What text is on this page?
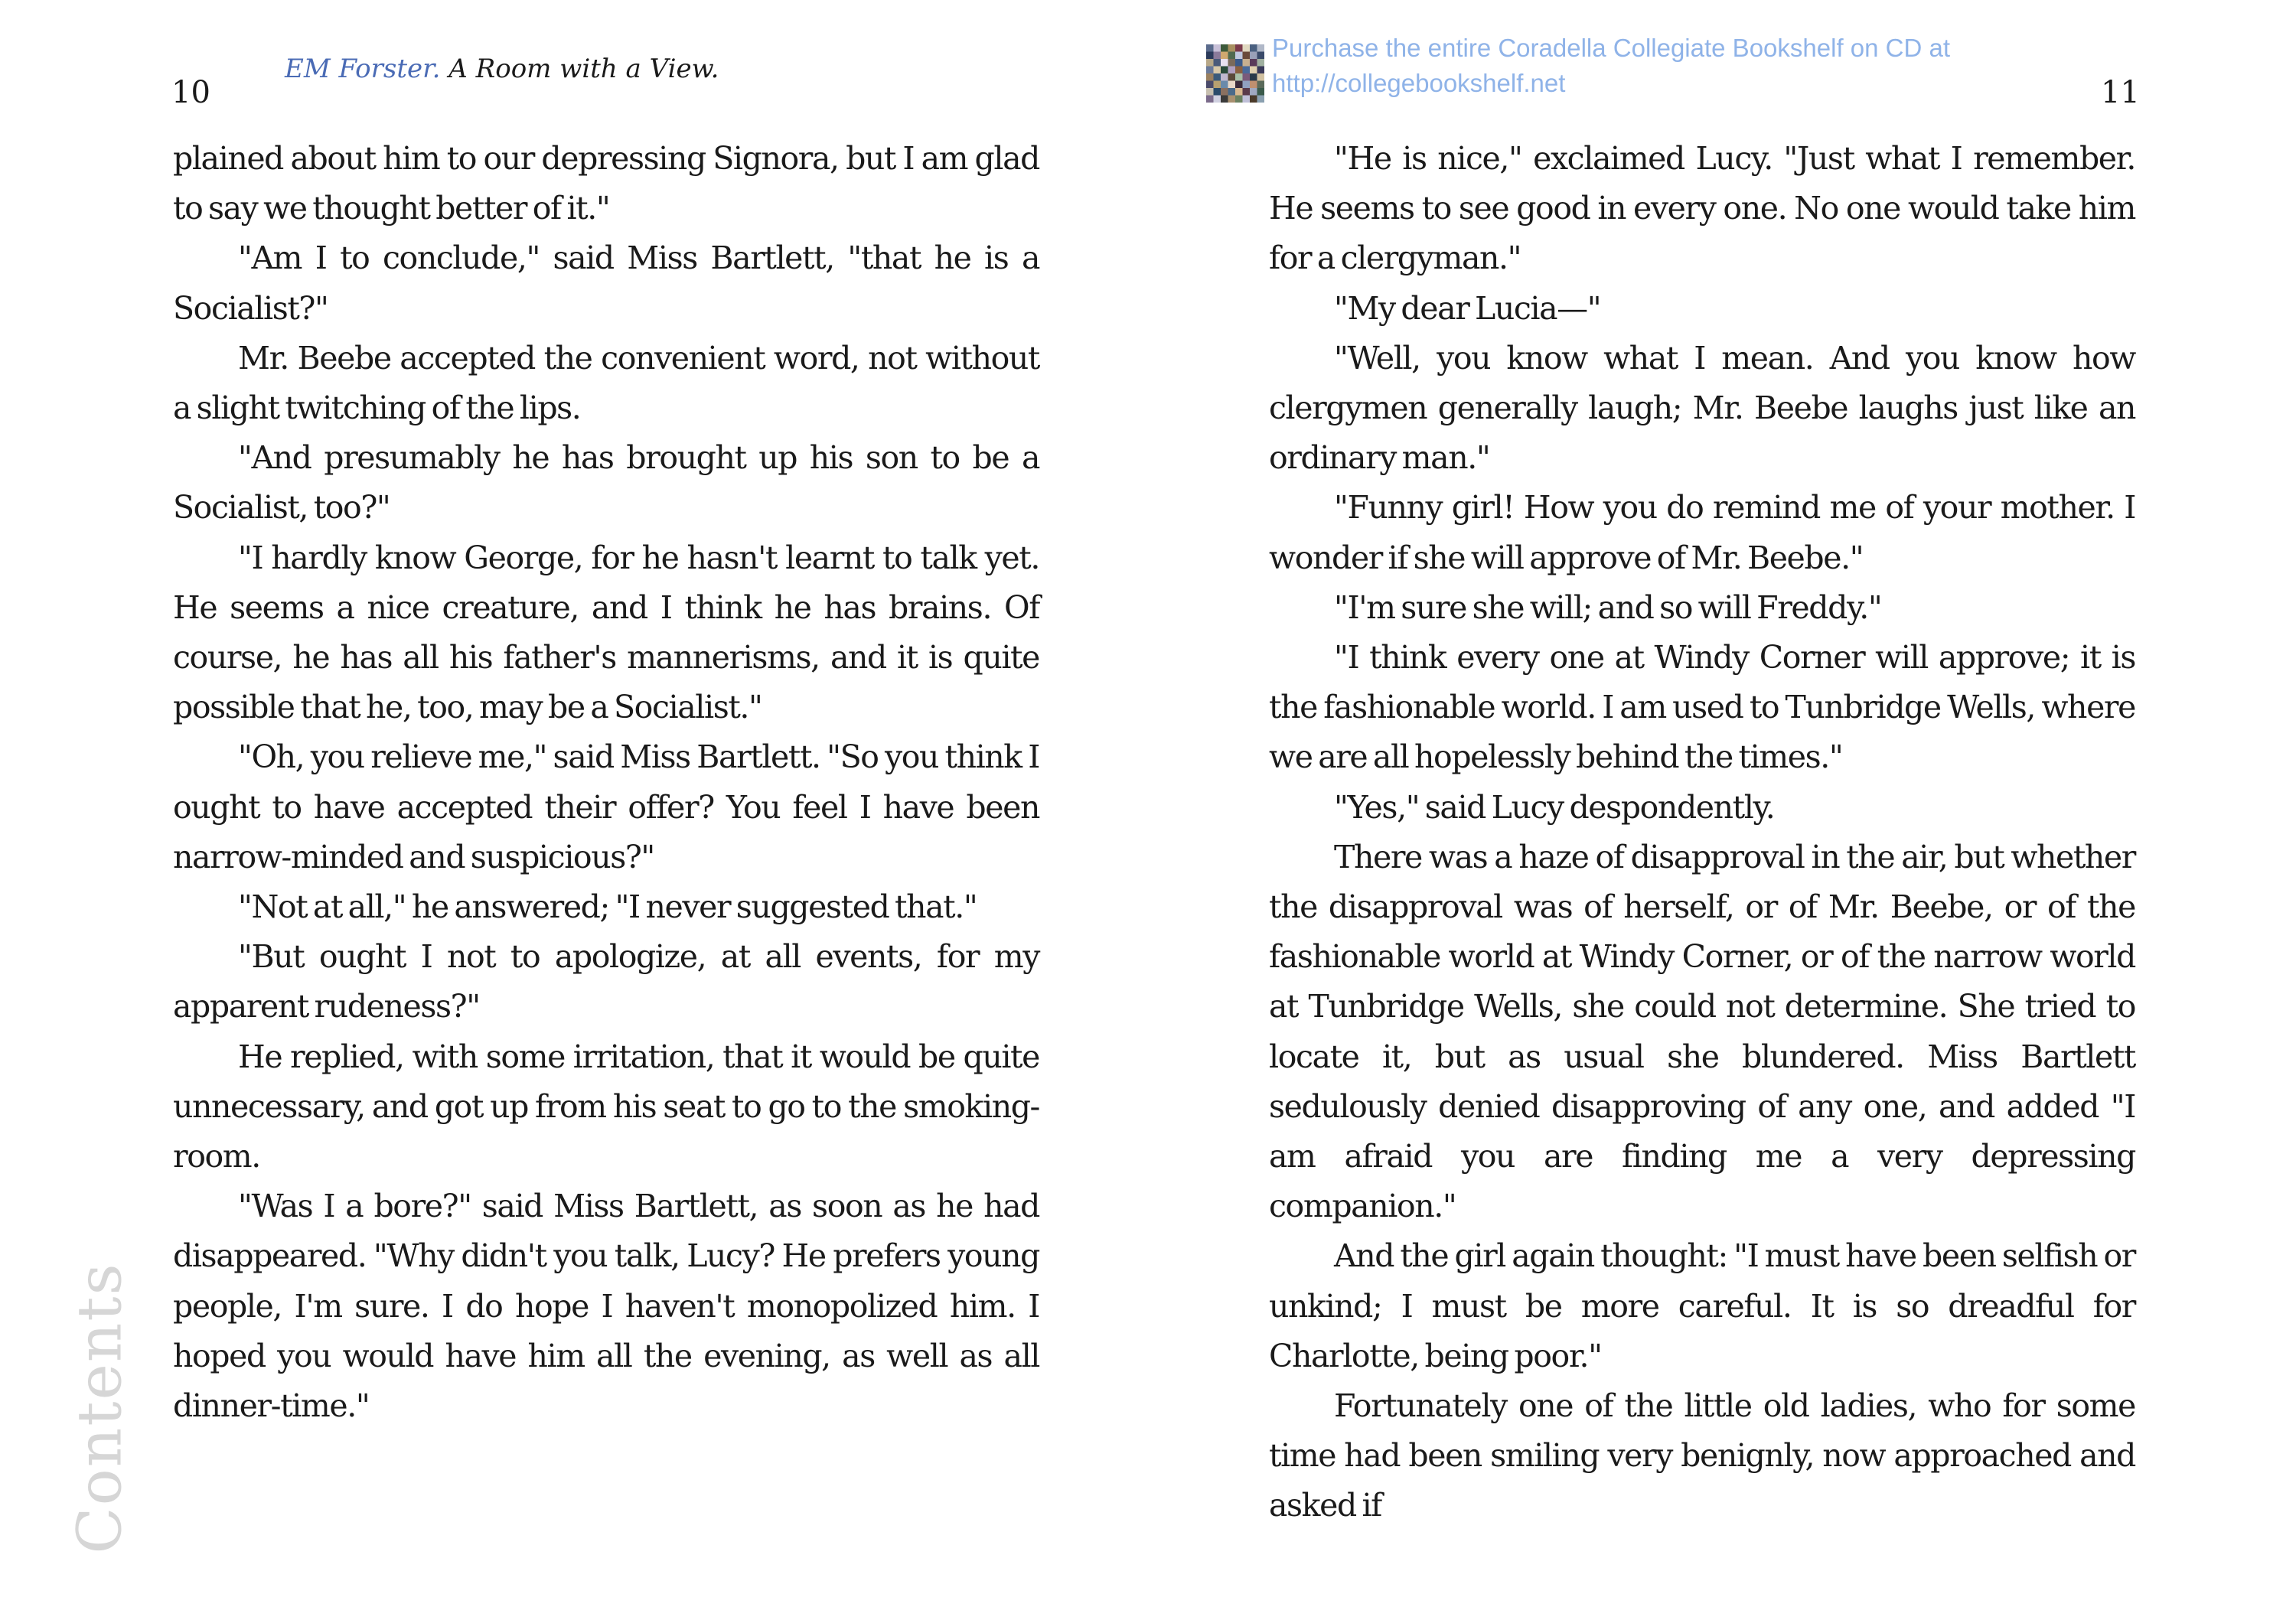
10
EM Forster. A Room with a View.

plained about him to our depressing Signora, but I am glad to say we thought better of it."

"Am I to conclude," said Miss Bartlett, "that he is a Socialist?"

Mr. Beebe accepted the convenient word, not without a slight twitching of the lips.

"And presumably he has brought up his son to be a Socialist, too?"

"I hardly know George, for he hasn't learnt to talk yet. He seems a nice creature, and I think he has brains. Of course, he has all his father's mannerisms, and it is quite possible that he, too, may be a Socialist."

"Oh, you relieve me," said Miss Bartlett. "So you think I ought to have accepted their offer? You feel I have been narrow-minded and suspicious?"

"Not at all," he answered; "I never suggested that."

"But ought I not to apologize, at all events, for my apparent rudeness?"

He replied, with some irritation, that it would be quite unnecessary, and got up from his seat to go to the smoking-room.

"Was I a bore?" said Miss Bartlett, as soon as he had disappeared. "Why didn't you talk, Lucy? He prefers young people, I'm sure. I do hope I haven't monopolized him. I hoped you would have him all the evening, as well as all dinner-time."

Contents
Purchase the entire Coradella Collegiate Bookshelf on CD at
http://collegebookshelf.net	11

"He is nice," exclaimed Lucy. "Just what I remember. He seems to see good in every one. No one would take him for a clergyman."

"My dear Lucia—"

"Well, you know what I mean. And you know how clergymen generally laugh; Mr. Beebe laughs just like an ordinary man."

"Funny girl! How you do remind me of your mother. I wonder if she will approve of Mr. Beebe."

"I'm sure she will; and so will Freddy."

"I think every one at Windy Corner will approve; it is the fashionable world. I am used to Tunbridge Wells, where we are all hopelessly behind the times."

"Yes," said Lucy despondently.

There was a haze of disapproval in the air, but whether the disapproval was of herself, or of Mr. Beebe, or of the fashionable world at Windy Corner, or of the narrow world at Tunbridge Wells, she could not determine. She tried to locate it, but as usual she blundered. Miss Bartlett sedulously denied disapproving of any one, and added "I am afraid you are finding me a very depressing companion."

And the girl again thought: "I must have been selfish or unkind; I must be more careful. It is so dreadful for Charlotte, being poor."

Fortunately one of the little old ladies, who for some time had been smiling very benignly, now approached and asked if
